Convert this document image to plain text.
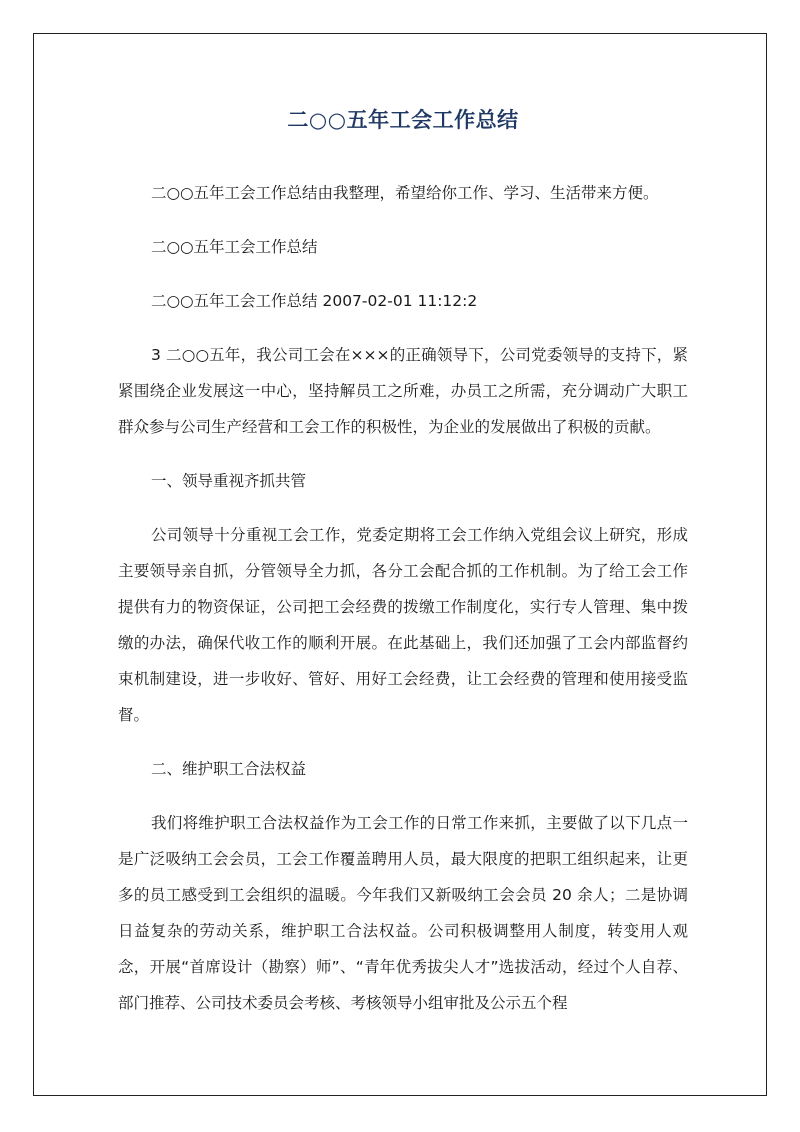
二○○五年工会工作总结

二○○五年工会工作总结由我整理，希望给你工作、学习、生活带来方便。

二○○五年工会工作总结

二○○五年工会工作总结 2007-02-01 11:12:2

3 二○○五年，我公司工会在×××的正确领导下，公司党委领导的支持下，紧紧围绕企业发展这一中心，坚持解员工之所难，办员工之所需，充分调动广大职工群众参与公司生产经营和工会工作的积极性，为企业的发展做出了积极的贡献。

一、领导重视齐抓共管

公司领导十分重视工会工作，党委定期将工会工作纳入党组会议上研究，形成主要领导亲自抓，分管领导全力抓，各分工会配合抓的工作机制。为了给工会工作提供有力的物资保证，公司把工会经费的拨缴工作制度化，实行专人管理、集中拨缴的办法，确保代收工作的顺利开展。在此基础上，我们还加强了工会内部监督约束机制建设，进一步收好、管好、用好工会经费，让工会经费的管理和使用接受监督。

二、维护职工合法权益

我们将维护职工合法权益作为工会工作的日常工作来抓，主要做了以下几点一是广泛吸纳工会会员，工会工作覆盖聘用人员，最大限度的把职工组织起来，让更多的员工感受到工会组织的温暖。今年我们又新吸纳工会会员 20 余人；二是协调日益复杂的劳动关系，维护职工合法权益。公司积极调整用人制度，转变用人观念，开展“首席设计（勘察）师”、“青年优秀拔尖人才”选拔活动，经过个人自荐、部门推荐、公司技术委员会考核、考核领导小组审批及公示五个程
